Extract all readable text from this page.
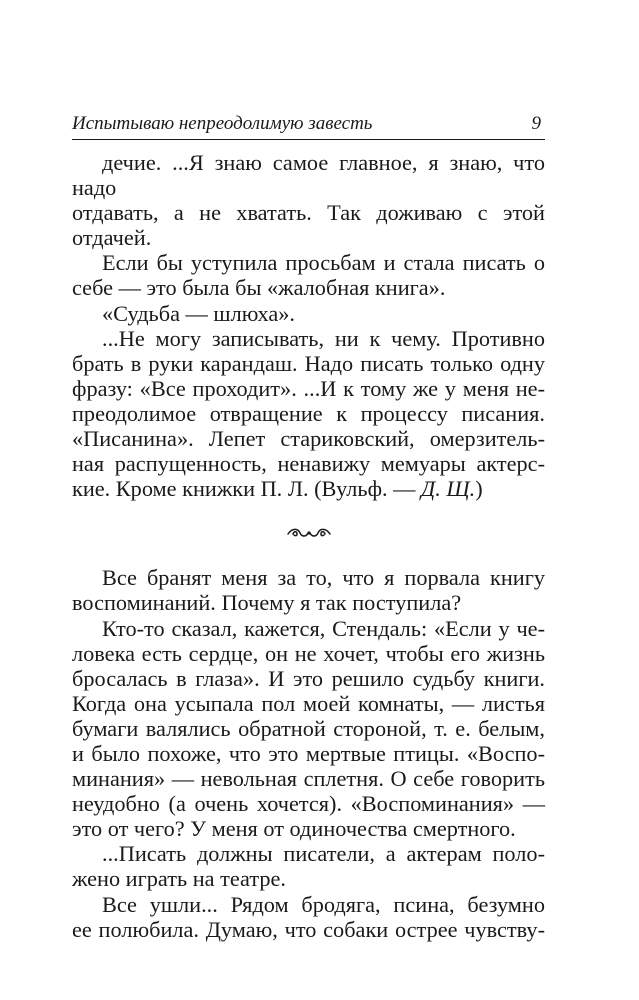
Испытываю непреодолимую завесть	9

дечие. ...Я знаю самое главное, я знаю, что надо

отдавать, а не хватать. Так доживаю с этой отдачей.

Если бы уступила просьбам и стала писать о

себе — это была бы «жалобная книга».

«Судьба — шлюха».

...Не могу записывать, ни к чему. Противно

брать в руки карандаш. Надо писать только одну

фразу: «Все проходит». ...И к тому же у меня не-

преодолимое отвращение к процессу писания.

«Писанина». Лепет стариковский, омерзитель-

ная распущенность, ненавижу мемуары актерс-

кие. Кроме книжки П. Л. (Вульф. — Д. Щ.)

Все бранят меня за то, что я порвала книгу

воспоминаний. Почему я так поступила?

Кто-то сказал, кажется, Стендаль: «Если у че-

ловека есть сердце, он не хочет, чтобы его жизнь

бросалась в глаза». И это решило судьбу книги.

Когда она усыпала пол моей комнаты, — листья

бумаги валялись обратной стороной, т. е. белым,

и было похоже, что это мертвые птицы. «Воспо-

минания» — невольная сплетня. О себе говорить

неудобно (а очень хочется). «Воспоминания» —

это от чего? У меня от одиночества смертного.

...Писать должны писатели, а актерам поло-

жено играть на театре.

Все ушли... Рядом бродяга, псина, безумно

ее полюбила. Думаю, что собаки острее чувству-
